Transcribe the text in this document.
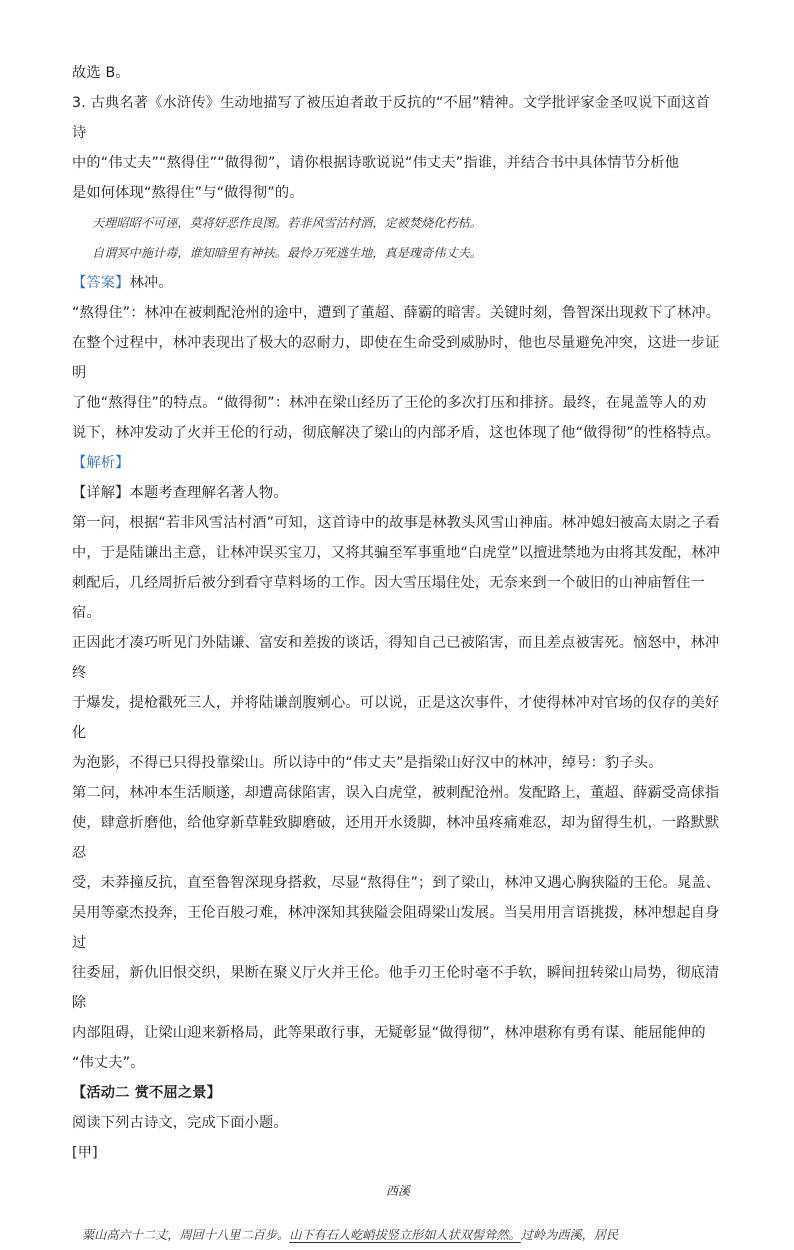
故选 B。

3. 古典名著《水浒传》生动地描写了被压迫者敢于反抗的“不屈”精神。文学批评家金圣叹说下面这首诗

中的“伟丈夫”“熬得住”“做得彻”，请你根据诗歌说说“伟丈夫”指谁，并结合书中具体情节分析他

是如何体现“熬得住”与“做得彻”的。

天理昭昭不可诬，莫将奸恶作良图。若非风雪沽村酒，定被焚烧化朽枯。

自谓冥中施计毒，谁知暗里有神扶。最怜万死逃生地，真是瑰奇伟丈夫。

【答案】林冲。

“熬得住”：林冲在被刺配沧州的途中，遭到了董超、薛霸的暗害。关键时刻，鲁智深出现救下了林冲。

在整个过程中，林冲表现出了极大的忍耐力，即使在生命受到威胁时，他也尽量避免冲突，这进一步证明

了他“熬得住”的特点。“做得彻”：林冲在梁山经历了王伦的多次打压和排挤。最终，在晁盖等人的劝

说下，林冲发动了火并王伦的行动，彻底解决了梁山的内部矛盾，这也体现了他“做得彻”的性格特点。

【解析】

【详解】本题考查理解名著人物。

第一问，根据“若非风雪沽村酒”可知，这首诗中的故事是林教头风雪山神庙。林冲媳妇被高太尉之子看

中，于是陆谦出主意，让林冲误买宝刀，又将其骗至军事重地“白虎堂”以擅进禁地为由将其发配，林冲

刺配后，几经周折后被分到看守草料场的工作。因大雪压塌住处，无奈来到一个破旧的山神庙暂住一宿。

正因此才凑巧听见门外陆谦、富安和差拨的谈话，得知自己已被陷害，而且差点被害死。恼怒中，林冲终

于爆发，提枪戳死三人，并将陆谦剖腹剜心。可以说，正是这次事件，才使得林冲对官场的仅存的美好化

为泡影，不得已只得投靠梁山。所以诗中的“伟丈夫”是指梁山好汉中的林冲，绰号：豹子头。

第二问，林冲本生活顺遂，却遭高俅陷害，误入白虎堂，被刺配沧州。发配路上，董超、薛霸受高俅指

使，肆意折磨他，给他穿新草鞋致脚磨破，还用开水烫脚，林冲虽疼痛难忍，却为留得生机，一路默默忍

受，未莽撞反抗，直至鲁智深现身搭救，尽显“熬得住”；到了梁山，林冲又遇心胸狭隘的王伦。晁盖、

吴用等豪杰投奔，王伦百般刁难，林冲深知其狭隘会阻碍梁山发展。当吴用用言语挑拨，林冲想起自身过

往委屈，新仇旧恨交织，果断在聚义厅火并王伦。他手刃王伦时毫不手软，瞬间扭转梁山局势，彻底清除

内部阻碍，让梁山迎来新格局，此等果敢行事，无疑彰显“做得彻”，林冲堪称有勇有谋、能屈能伸的

“伟丈夫”。

【活动二 赏不屈之景】

阅读下列古诗文，完成下面小题。

[甲]

西溪

粟山高六十二丈，周回十八里二百步。山下有石人屹峭拔竖立形如人状双髻耸然。过岭为西溪，居民
